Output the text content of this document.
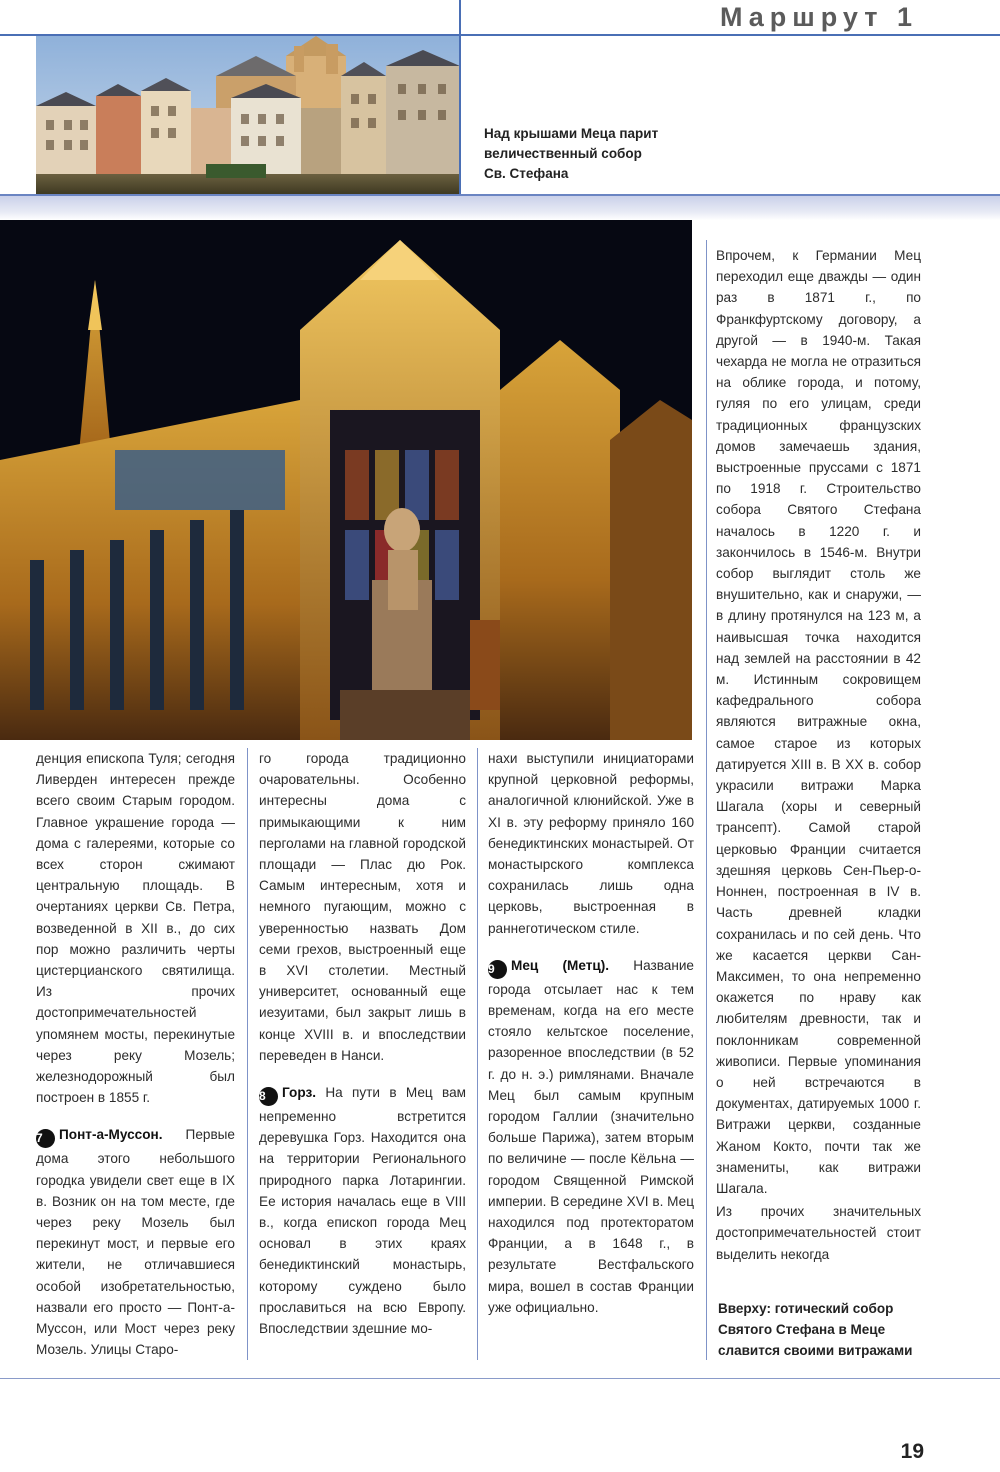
Маршрут 1
Над крышами Меца парит
величественный собор
Св. Стефана

денция епископа Туля; сегодня Ливерден интересен прежде всего своим Старым городом. Главное украшение города — дома с галереями, которые со всех сторон сжимают центральную площадь. В очертаниях церкви Св. Петра, возведенной в XII в., до сих пор можно различить черты цистерцианского святилища. Из прочих достопримечательностей упомянем мосты, перекинутые через реку Мозель; железнодорожный был построен в 1855 г.

7 Понт-а-Муссон. Первые дома этого небольшого городка увидели свет еще в IX в. Возник он на том месте, где через реку Мозель был перекинут мост, и первые его жители, не отличавшиеся особой изобретательностью, назвали его просто — Понт-а-Муссон, или Мост через реку Мозель. Улицы Старо-

го города традиционно очаровательны. Особенно интересны дома с примыкающими к ним перголами на главной городской площади — Плас дю Рок. Самым интересным, хотя и немного пугающим, можно с уверенностью назвать Дом семи грехов, выстроенный еще в XVI столетии. Местный университет, основанный еще иезуитами, был закрыт лишь в конце XVIII в. и впоследствии переведен в Нанси.

8 Горз. На пути в Мец вам непременно встретится деревушка Горз. Находится она на территории Регионального природного парка Лотарингии. Ее история началась еще в VIII в., когда епископ города Мец основал в этих краях бенедиктинский монастырь, которому суждено было прославиться на всю Европу. Впоследствии здешние мо-

нахи выступили инициаторами крупной церковной реформы, аналогичной клюнийской. Уже в XI в. эту реформу приняло 160 бенедиктинских монастырей. От монастырского комплекса сохранилась лишь одна церковь, выстроенная в раннеготическом стиле.

9 Мец (Метц). Название города отсылает нас к тем временам, когда на его месте стояло кельтское поселение, разоренное впоследствии (в 52 г. до н. э.) римлянами. Вначале Мец был самым крупным городом Галлии (значительно больше Парижа), затем вторым по величине — после Кёльна — городом Священной Римской империи. В середине XVI в. Мец находился под протекторатом Франции, а в 1648 г., в результате Вестфальского мира, вошел в состав Франции уже официально.

Впрочем, к Германии Мец переходил еще дважды — один раз в 1871 г., по Франкфуртскому договору, а другой — в 1940-м. Такая чехарда не могла не отразиться на облике города, и потому, гуляя по его улицам, среди традиционных французских домов замечаешь здания, выстроенные пруссами с 1871 по 1918 г. Строительство собора Святого Стефана началось в 1220 г. и закончилось в 1546-м. Внутри собор выглядит столь же внушительно, как и снаружи, — в длину протянулся на 123 м, а наивысшая точка находится над землей на расстоянии в 42 м. Истинным сокровищем кафедрального собора являются витражные окна, самое старое из которых датируется XIII в. В XX в. собор украсили витражи Марка Шагала (хоры и северный трансепт). Самой старой церковью Франции считается здешняя церковь Сен-Пьер-о-Ноннен, построенная в IV в. Часть древней кладки сохранилась и по сей день. Что же касается церкви Сан-Максимен, то она непременно окажется по нраву как любителям древности, так и поклонникам современной живописи. Первые упоминания о ней встречаются в документах, датируемых 1000 г. Витражи церкви, созданные Жаном Кокто, почти так же знамениты, как витражи Шагала.

Из прочих значительных достопримечательностей стоит выделить некогда

Вверху: готический собор
Святого Стефана в Меце
славится своими витражами
19
